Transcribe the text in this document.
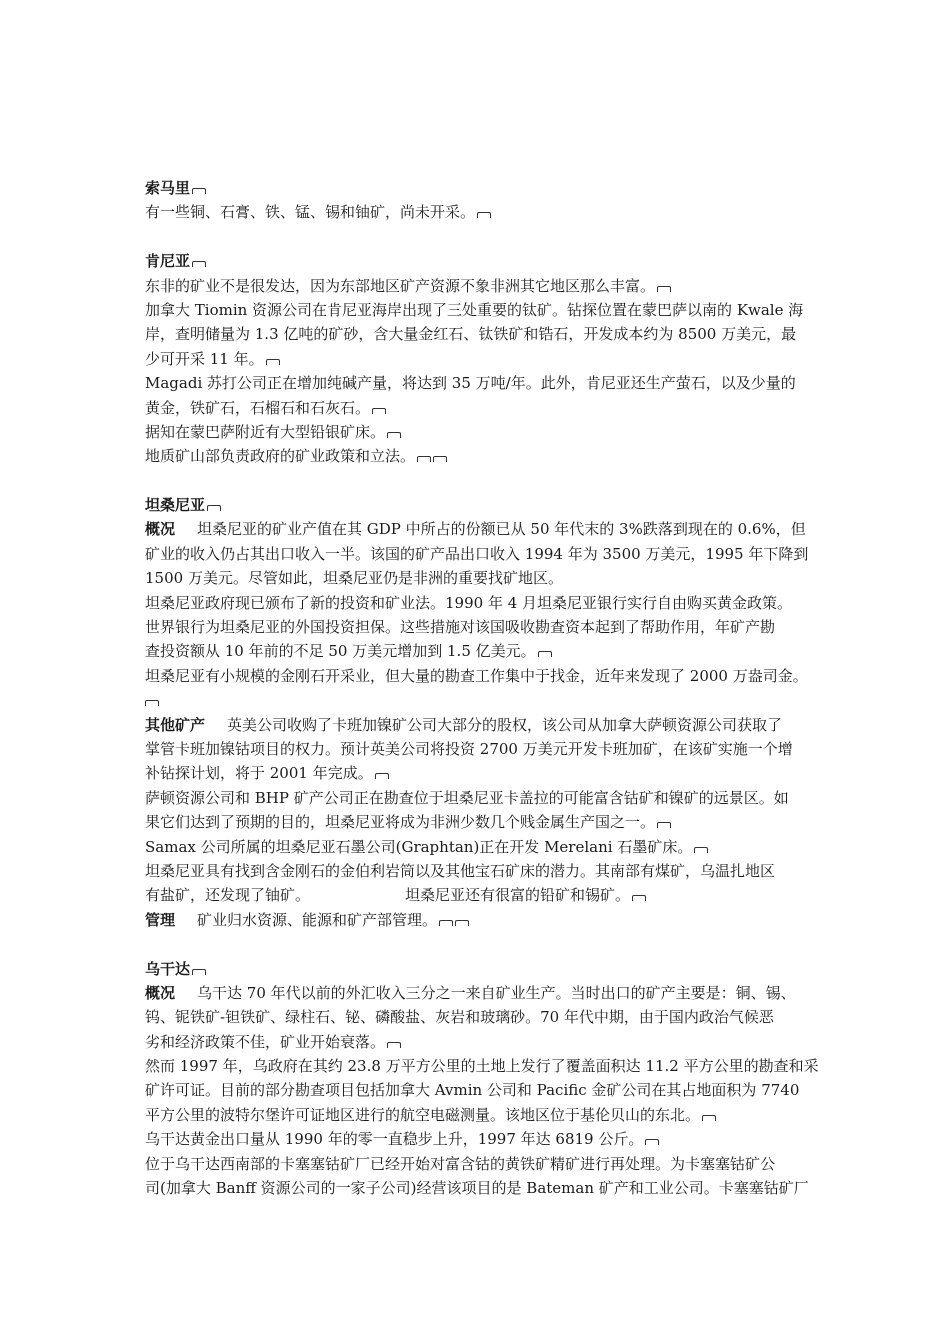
索马里
有一些铜、石膏、铁、锰、锡和铀矿，尚未开采。
肯尼亚
东非的矿业不是很发达，因为东部地区矿产资源不象非洲其它地区那么丰富。
加拿大 Tiomin 资源公司在肯尼亚海岸出现了三处重要的钛矿。钻探位置在蒙巴萨以南的 Kwale 海
岸，查明储量为 1.3 亿吨的矿砂，含大量金红石、钛铁矿和锆石，开发成本约为 8500 万美元，最
少可开采 11 年。
Magadi 苏打公司正在增加纯碱产量，将达到 35 万吨/年。此外，肯尼亚还生产萤石，以及少量的
黄金，铁矿石，石榴石和石灰石。
据知在蒙巴萨附近有大型铅银矿床。
地质矿山部负责政府的矿业政策和立法。
坦桑尼亚
概况 坦桑尼亚的矿业产值在其 GDP 中所占的份额已从 50 年代末的 3%跌落到现在的 0.6%，但
矿业的收入仍占其出口收入一半。该国的矿产品出口收入 1994 年为 3500 万美元，1995 年下降到
1500 万美元。尽管如此，坦桑尼亚仍是非洲的重要找矿地区。
坦桑尼亚政府现已颁布了新的投资和矿业法。1990 年 4 月坦桑尼亚银行实行自由购买黄金政策。
世界银行为坦桑尼亚的外国投资担保。这些措施对该国吸收勘查资本起到了帮助作用，年矿产勘
查投资额从 10 年前的不足 50 万美元增加到 1.5 亿美元。
坦桑尼亚有小规模的金刚石开采业，但大量的勘查工作集中于找金，近年来发现了 2000 万盎司金。
其他矿产 英美公司收购了卡班加镍矿公司大部分的股权，该公司从加拿大萨顿资源公司获取了
掌管卡班加镍钴项目的权力。预计英美公司将投资 2700 万美元开发卡班加矿，在该矿实施一个增
补钻探计划，将于 2001 年完成。
萨顿资源公司和 BHP 矿产公司正在勘查位于坦桑尼亚卡盖拉的可能富含钴矿和镍矿的远景区。如
果它们达到了预期的目的，坦桑尼亚将成为非洲少数几个贱金属生产国之一。
Samax 公司所属的坦桑尼亚石墨公司(Graphtan)正在开发 Merelani 石墨矿床。
坦桑尼亚具有找到含金刚石的金伯利岩筒以及其他宝石矿床的潜力。其南部有煤矿，乌温扎地区
有盐矿，还发现了铀矿。	坦桑尼亚还有很富的铅矿和锡矿。
管理 矿业归水资源、能源和矿产部管理。
乌干达
概况 乌干达 70 年代以前的外汇收入三分之一来自矿业生产。当时出口的矿产主要是：铜、锡、
钨、铌铁矿-钽铁矿、绿柱石、铋、磷酸盐、灰岩和玻璃砂。70 年代中期，由于国内政治气候恶
劣和经济政策不佳，矿业开始衰落。
然而 1997 年，乌政府在其约 23.8 万平方公里的土地上发行了覆盖面积达 11.2 平方公里的勘查和采
矿许可证。目前的部分勘查项目包括加拿大 Avmin 公司和 Pacific 金矿公司在其占地面积为 7740
平方公里的波特尔堡许可证地区进行的航空电磁测量。该地区位于基伦贝山的东北。
乌干达黄金出口量从 1990 年的零一直稳步上升，1997 年达 6819 公斤。
位于乌干达西南部的卡塞塞钴矿厂已经开始对富含钴的黄铁矿精矿进行再处理。为卡塞塞钴矿公
司(加拿大 Banff 资源公司的一家子公司)经营该项目的是 Bateman 矿产和工业公司。卡塞塞钴矿厂
